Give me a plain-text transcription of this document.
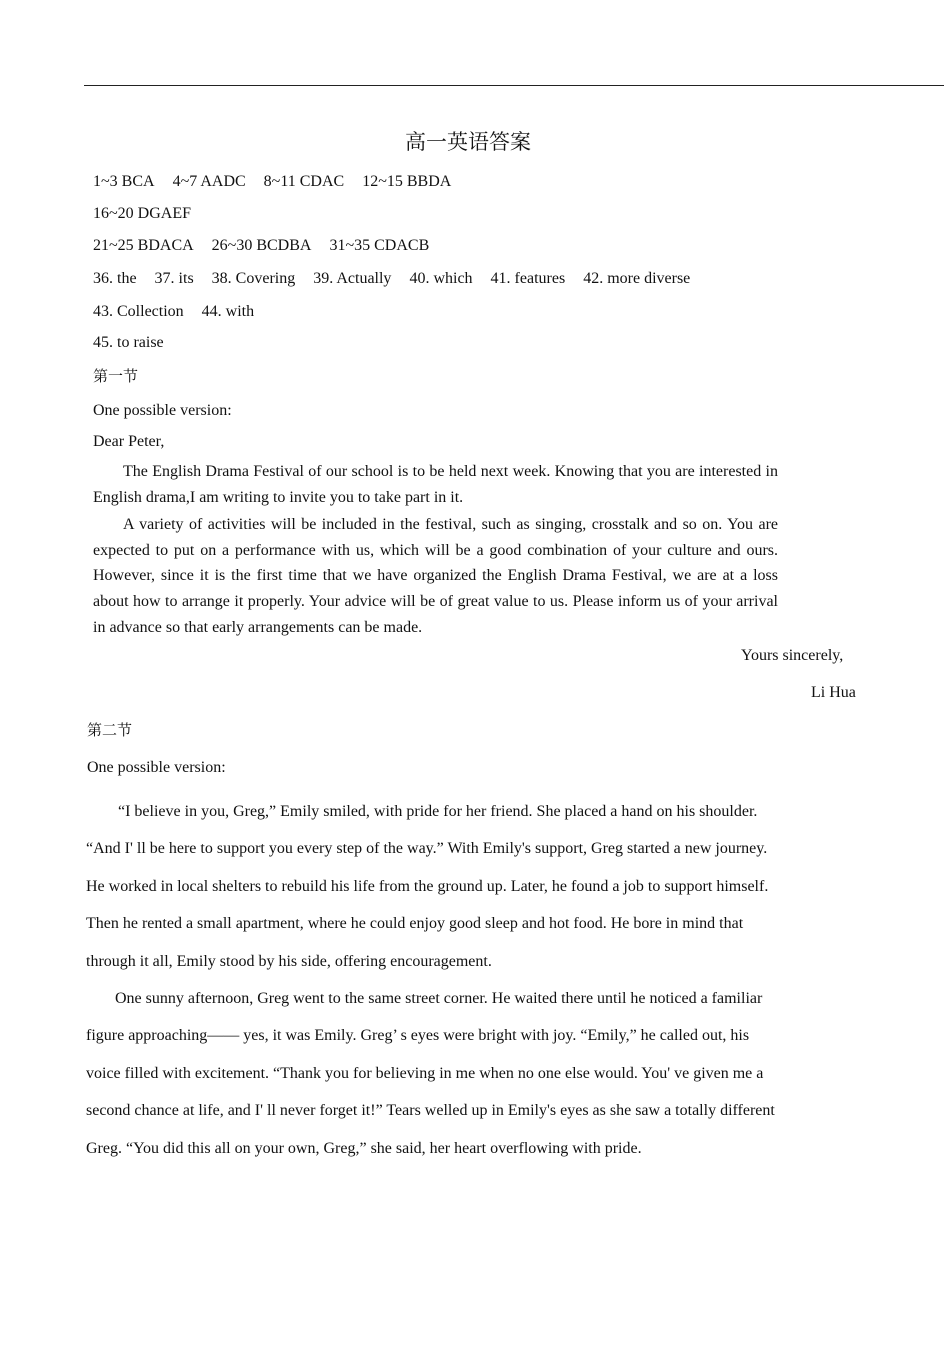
高一英语答案
1~3 BCA 4~7 AADC 8~11 CDAC 12~15 BBDA
16~20 DGAEF
21~25 BDACA 26~30 BCDBA 31~35 CDACB
36. the 37. its 38. Covering 39. Actually 40. which 41. features 42. more diverse
43. Collection 44. with
45. to raise
第一节
One possible version:
Dear Peter,

The English Drama Festival of our school is to be held next week. Knowing that you are interested in English drama,I am writing to invite you to take part in it.

A variety of activities will be included in the festival, such as singing, crosstalk and so on. You are expected to put on a performance with us, which will be a good combination of your culture and ours. However, since it is the first time that we have organized the English Drama Festival, we are at a loss about how to arrange it properly. Your advice will be of great value to us. Please inform us of your arrival in advance so that early arrangements can be made.

Yours sincerely,
Li Hua
第二节
One possible version:

“I believe in you, Greg,” Emily smiled, with pride for her friend. She placed a hand on his shoulder. “And I' ll be here to support you every step of the way.” With Emily's support, Greg started a new journey. He worked in local shelters to rebuild his life from the ground up. Later, he found a job to support himself. Then he rented a small apartment, where he could enjoy good sleep and hot food. He bore in mind that through it all, Emily stood by his side, offering encouragement.

One sunny afternoon, Greg went to the same street corner. He waited there until he noticed a familiar figure approaching—— yes, it was Emily. Greg’ s eyes were bright with joy. “Emily,” he called out, his voice filled with excitement. “Thank you for believing in me when no one else would. You' ve given me a second chance at life, and I' ll never forget it!” Tears welled up in Emily's eyes as she saw a totally different Greg. “You did this all on your own, Greg,” she said, her heart overflowing with pride.
